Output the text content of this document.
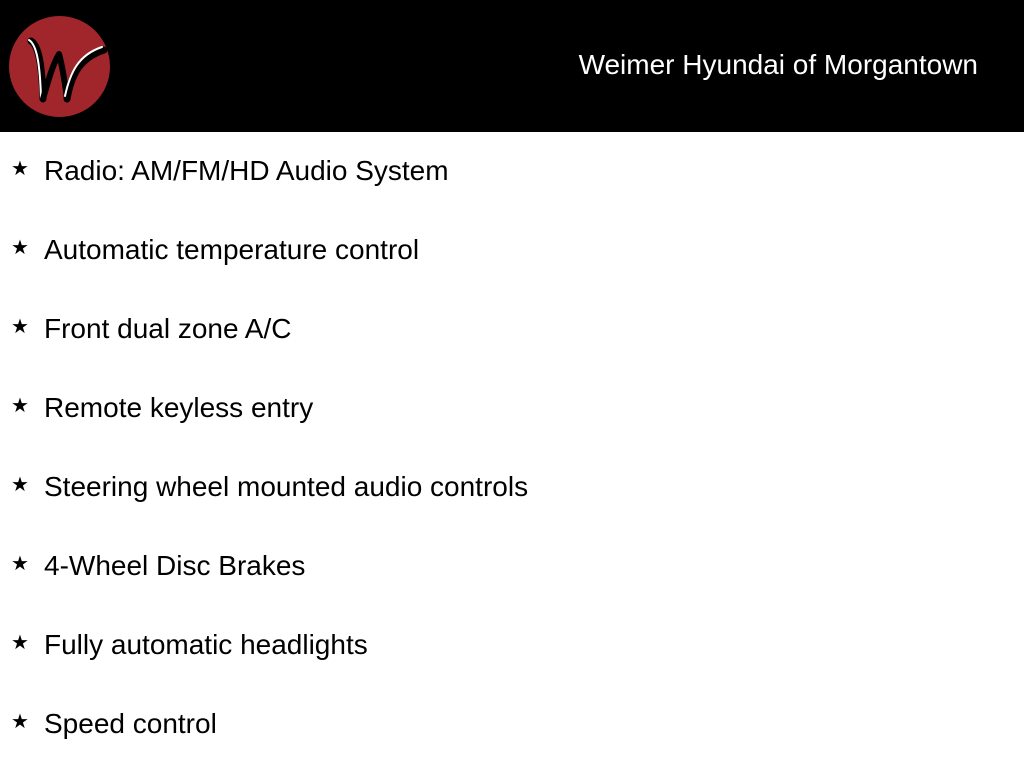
Weimer Hyundai of Morgantown
★ Radio: AM/FM/HD Audio System
★ Automatic temperature control
★ Front dual zone A/C
★ Remote keyless entry
★ Steering wheel mounted audio controls
★ 4-Wheel Disc Brakes
★ Fully automatic headlights
★ Speed control
